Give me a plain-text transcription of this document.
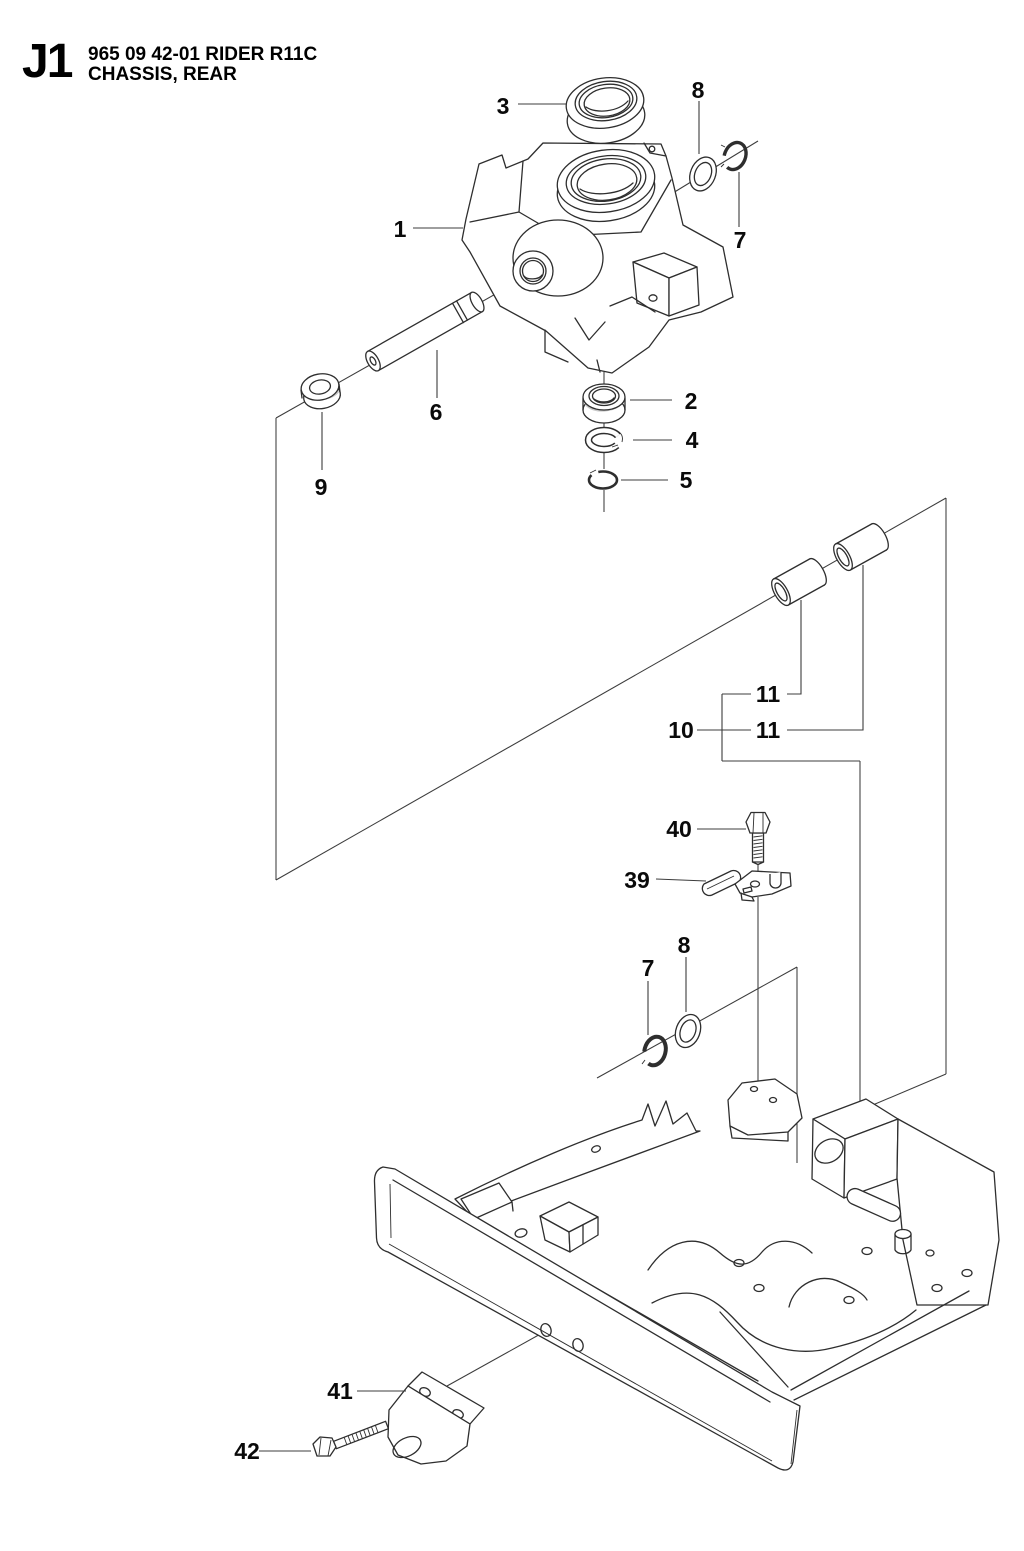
J1 965 09 42-01 RIDER R11C
CHASSIS, REAR
3
8
7
1
6
9
2
4
5
11
10	11
40
39
8
7
41
42
